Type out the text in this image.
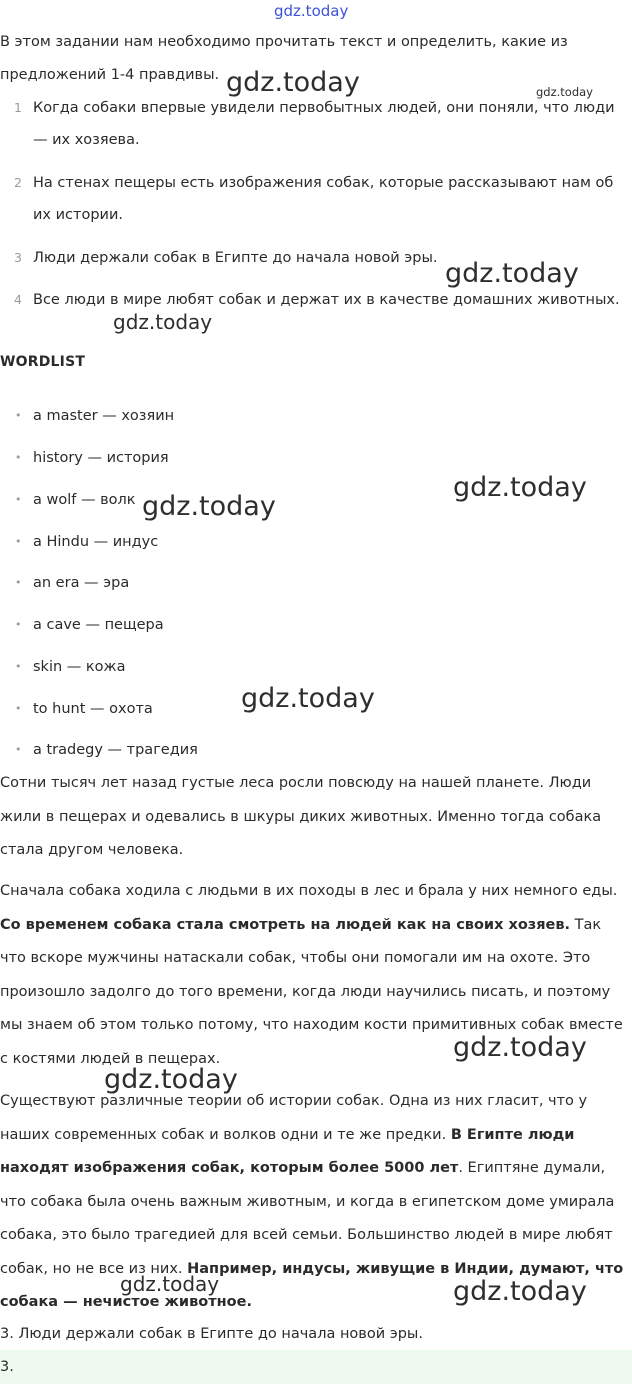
gdz.today
gdz.today	gdz.today
gdz.today
gdz.today
gdz.today
gdz.today
gdz.today
gdz.today
gdz.today
gdz.today	gdz.today
В этом задании нам необходимо прочитать текст и определить, какие из предложений 1-4 правдивы.
1 Когда собаки впервые увидели первобытных людей, они поняли, что люди — их хозяева.
2 На стенах пещеры есть изображения собак, которые рассказывают нам об их истории.
3 Люди держали собак в Египте до начала новой эры.
4 Все люди в мире любят собак и держат их в качестве домашних животных.
WORDLIST
• a master — хозяин
• history — история
• a wolf — волк
• a Hindu — индус
• an era — эра
• a cave — пещера
• skin — кожа
• to hunt — охота
• a tradegy — трагедия
Сотни тысяч лет назад густые леса росли повсюду на нашей планете. Люди жили в пещерах и одевались в шкуры диких животных. Именно тогда собака стала другом человека.
Сначала собака ходила с людьми в их походы в лес и брала у них немного еды. Со временем собака стала смотреть на людей как на своих хозяев. Так что вскоре мужчины натаскали собак, чтобы они помогали им на охоте. Это произошло задолго до того времени, когда люди научились писать, и поэтому мы знаем об этом только потому, что находим кости примитивных собак вместе с костями людей в пещерах.
Существуют различные теории об истории собак. Одна из них гласит, что у наших современных собак и волков одни и те же предки. В Египте люди находят изображения собак, которым более 5000 лет. Египтяне думали, что собака была очень важным животным, и когда в египетском доме умирала собака, это было трагедией для всей семьи. Большинство людей в мире любят собак, но не все из них. Например, индусы, живущие в Индии, думают, что собака — нечистое животное.
3. Люди держали собак в Египте до начала новой эры.
3.
